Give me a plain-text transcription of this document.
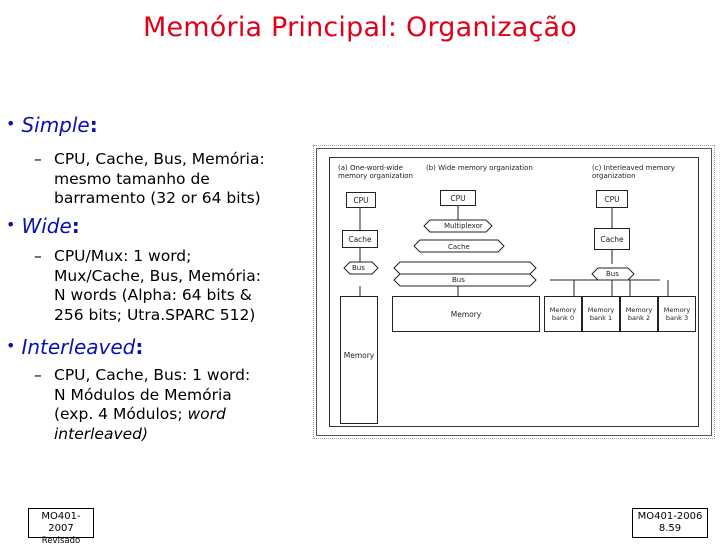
Memória Principal: Organização
• Simple:
– CPU, Cache, Bus, Memória:
mesmo tamanho de
barramento (32 or 64 bits)
• Wide:
– CPU/Mux: 1 word;
Mux/Cache, Bus, Memória:
N words (Alpha: 64 bits &
256 bits; Utra.SPARC 512)
• Interleaved:
– CPU, Cache, Bus: 1 word:
N Módulos de Memória
(exp. 4 Módulos; word
interleaved)
(a) One-word-wide memory organization
(b) Wide memory organization	(c) Interleaved memory organization
CPU
Cache
Bus
Memory
CPU
Multiplexor
Cache
Bus
Memory
CPU
Cache
Bus
Memory bank 0
Memory bank 1
Memory bank 2
Memory bank 3
MO401-2007
Revisado
MO401-2006
8.59
